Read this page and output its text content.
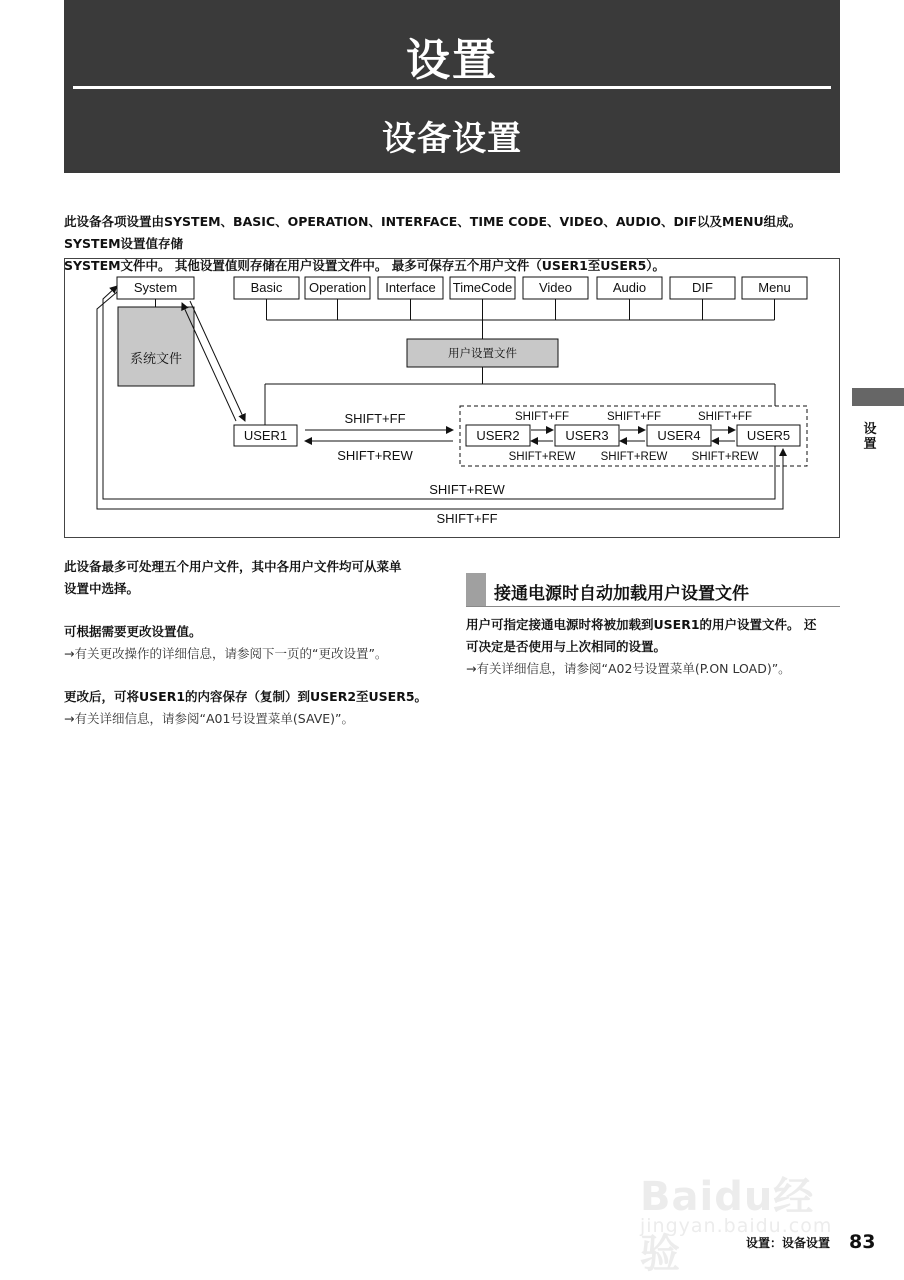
设置
设备设置
此设备各项设置由SYSTEM、BASIC、OPERATION、INTERFACE、TIME CODE、VIDEO、AUDIO、DIF以及MENU组成。 SYSTEM设置值存储
SYSTEM文件中。 其他设置值则存储在用户设置文件中。 最多可保存五个用户文件（USER1至USER5）。
System
系统文件
Basic Operation Interface TimeCode Video	Audio	DIF	Menu
用户设置文件
USER1	USER2	USER3	USER4	USER5
SHIFT+FF
SHIFT+REW
SHIFT+FF	SHIFT+FF	SHIFT+FF
SHIFT+REW SHIFT+REW SHIFT+REW
SHIFT+REW
SHIFT+FF

此设备最多可处理五个用户文件，其中各用户文件均可从菜单

设置中选择。

可根据需要更改设置值。

→有关更改操作的详细信息，请参阅下一页的“更改设置”。

更改后，可将USER1的内容保存（复制）到USER2至USER5。

→有关详细信息，请参阅“A01号设置菜单(SAVE)”。

接通电源时自动加载用户设置文件

用户可指定接通电源时将被加载到USER1的用户设置文件。 还

可决定是否使用与上次相同的设置。

→有关详细信息，请参阅“A02号设置菜单(P.ON LOAD)”。

设置
Baidu经验
jingyan.baidu.com
设置：设备设置 83
